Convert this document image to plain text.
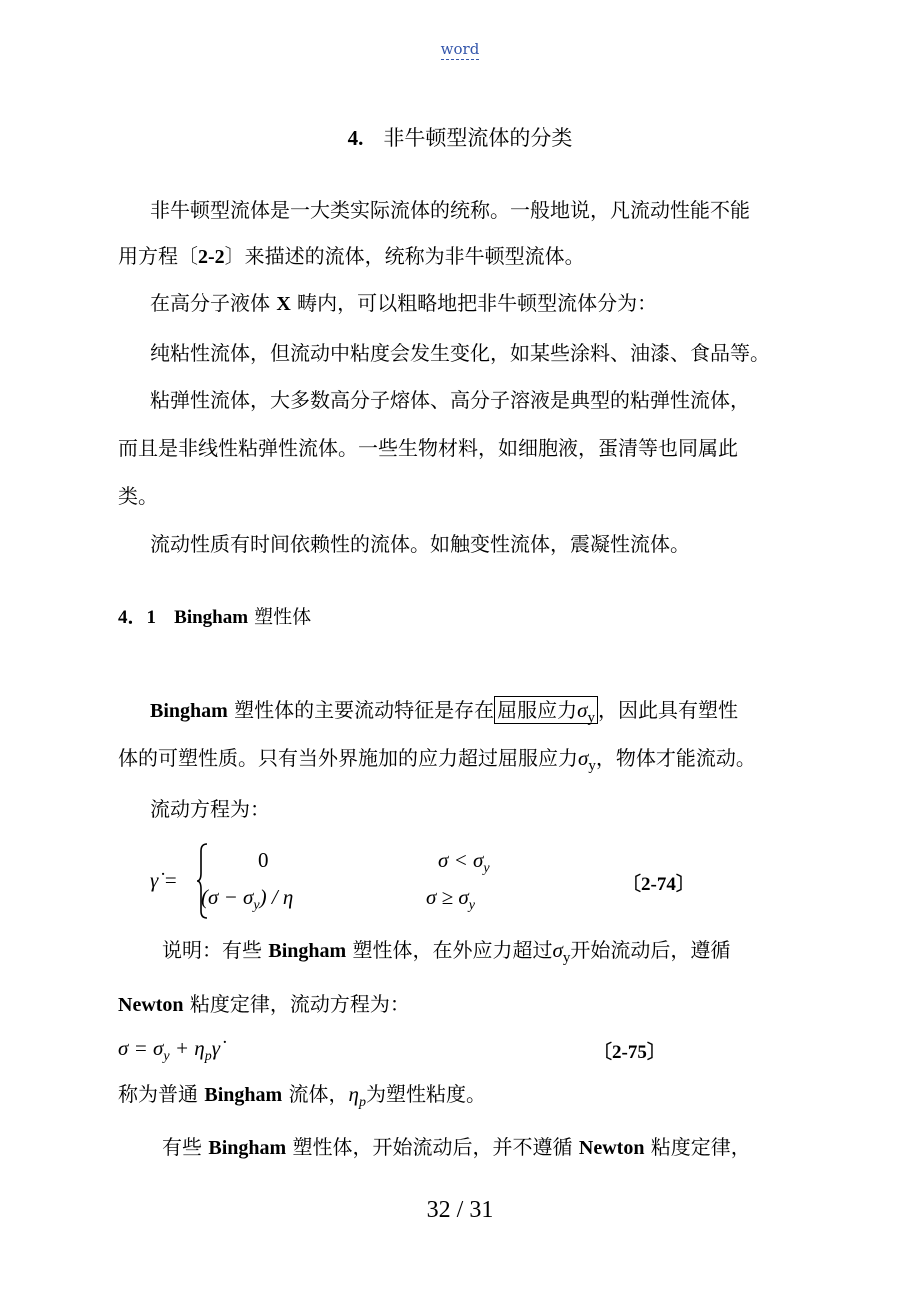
word
4. 非牛顿型流体的分类
非牛顿型流体是一大类实际流体的统称。一般地说，凡流动性能不能
用方程〔2-2〕来描述的流体，统称为非牛顿型流体。
在高分子液体 X 畴内，可以粗略地把非牛顿型流体分为：
纯粘性流体，但流动中粘度会发生变化，如某些涂料、油漆、食品等。
粘弹性流体，大多数高分子熔体、高分子溶液是典型的粘弹性流体，
而且是非线性粘弹性流体。一些生物材料，如细胞液，蛋清等也同属此
类。
流动性质有时间依赖性的流体。如触变性流体，震凝性流体。
4．1 Bingham 塑性体
Bingham 塑性体的主要流动特征是存在 屈服应力$\sigma_y$ ，因此具有塑性
体的可塑性质。只有当外界施加的应力超过屈服应力$\sigma_y$，物体才能流动。
流动方程为：
γ̇ =
0	$\sigma < \sigma_y$
$(\sigma - \sigma_y) / \eta$	$\sigma \ge \sigma_y$
〔2-74〕
说明：有些 Bingham 塑性体，在外应力超过$\sigma_y$开始流动后，遵循
Newton 粘度定律，流动方程为：
$\sigma = \sigma_y$ + $\eta_p\gammȧ$	〔2-75〕
称为普通 Bingham 流体，$\eta_p$为塑性粘度。
有些 Bingham 塑性体，开始流动后，并不遵循 Newton 粘度定律，
32 / 31
